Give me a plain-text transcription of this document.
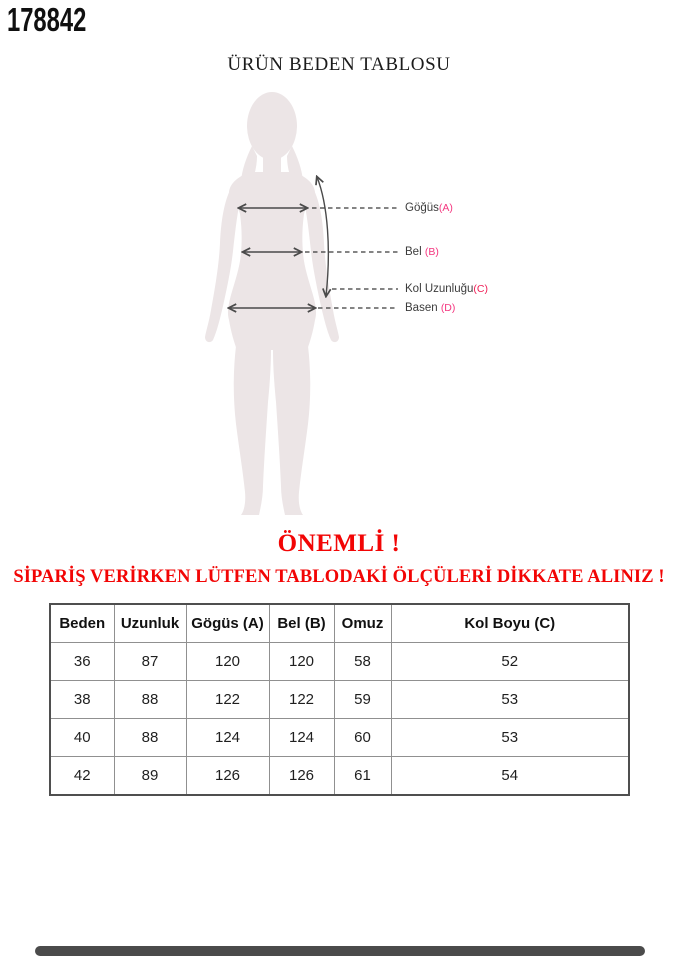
178842
ÜRÜN BEDEN TABLOSU
Göğüs(A)
Bel (B)
Kol Uzunluğu(C)
Basen (D)
ÖNEMLİ !
SİPARİŞ VERİRKEN LÜTFEN TABLODAKİ ÖLÇÜLERİ DİKKATE ALINIZ !
Beden	Uzunluk	Gögüs (A)	Bel (B)	Omuz	Kol Boyu (C)
36	87	120	120	58	52
38	88	122	122	59	53
40	88	124	124	60	53
42	89	126	126	61	54
